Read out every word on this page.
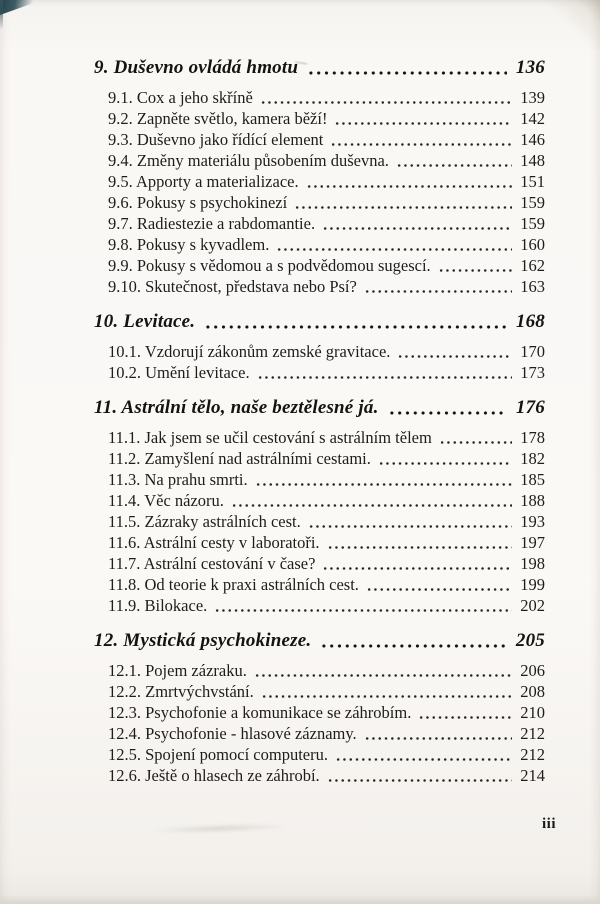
9. Duševno ovládá hmotu	136
9.1. Cox a jeho skříně	139
9.2. Zapněte světlo, kamera běží!	142
9.3. Duševno jako řídící element	146
9.4. Změny materiálu působením duševna.	148
9.5. Apporty a materializace.	151
9.6. Pokusy s psychokinezí	159
9.7. Radiestezie a rabdomantie.	159
9.8. Pokusy s kyvadlem.	160
9.9. Pokusy s vědomou a s podvědomou sugescí.	162
9.10. Skutečnost, představa nebo Psí?	163
10. Levitace.	168
10.1. Vzdorují zákonům zemské gravitace.	170
10.2. Umění levitace.	173
11. Astrální tělo, naše beztělesné já.	176
11.1. Jak jsem se učil cestování s astrálním tělem	178
11.2. Zamyšlení nad astrálními cestami.	182
11.3. Na prahu smrti.	185
11.4. Věc názoru.	188
11.5. Zázraky astrálních cest.	193
11.6. Astrální cesty v laboratoři.	197
11.7. Astrální cestování v čase?	198
11.8. Od teorie k praxi astrálních cest.	199
11.9. Bilokace.	202
12. Mystická psychokineze.	205
12.1. Pojem zázraku.	206
12.2. Zmrtvýchvstání.	208
12.3. Psychofonie a komunikace se záhrobím.	210
12.4. Psychofonie - hlasové záznamy.	212
12.5. Spojení pomocí computeru.	212
12.6. Ještě o hlasech ze záhrobí.	214
iii
